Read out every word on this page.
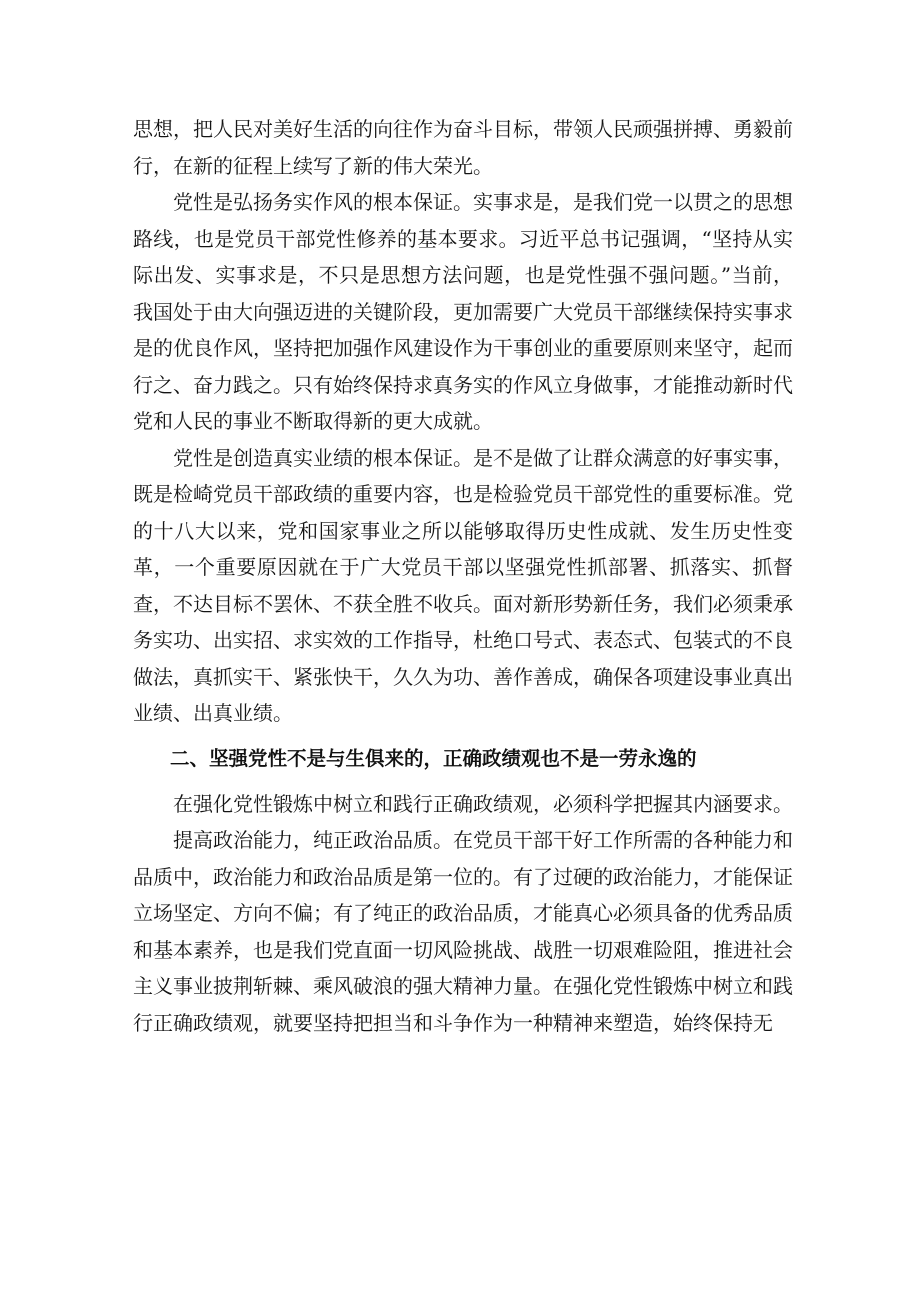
思想，把人民对美好生活的向往作为奋斗目标，带领人民顽强拼搏、勇毅前行，在新的征程上续写了新的伟大荣光。

党性是弘扬务实作风的根本保证。实事求是，是我们党一以贯之的思想路线，也是党员干部党性修养的基本要求。习近平总书记强调，“坚持从实际出发、实事求是，不只是思想方法问题，也是党性强不强问题。”当前，我国处于由大向强迈进的关键阶段，更加需要广大党员干部继续保持实事求是的优良作风，坚持把加强作风建设作为干事创业的重要原则来坚守，起而行之、奋力践之。只有始终保持求真务实的作风立身做事，才能推动新时代党和人民的事业不断取得新的更大成就。

党性是创造真实业绩的根本保证。是不是做了让群众满意的好事实事，既是检崎党员干部政绩的重要内容，也是检验党员干部党性的重要标准。党的十八大以来，党和国家事业之所以能够取得历史性成就、发生历史性变革，一个重要原因就在于广大党员干部以坚强党性抓部署、抓落实、抓督查，不达目标不罢休、不获全胜不收兵。面对新形势新任务，我们必须秉承务实功、出实招、求实效的工作指导，杜绝口号式、表态式、包装式的不良做法，真抓实干、紧张快干，久久为功、善作善成，确保各项建设事业真出业绩、出真业绩。

二、坚强党性不是与生俱来的，正确政绩观也不是一劳永逸的

在强化党性锻炼中树立和践行正确政绩观，必须科学把握其内涵要求。

提高政治能力，纯正政治品质。在党员干部干好工作所需的各种能力和品质中，政治能力和政治品质是第一位的。有了过硬的政治能力，才能保证立场坚定、方向不偏；有了纯正的政治品质，才能真心必须具备的优秀品质和基本素养，也是我们党直面一切风险挑战、战胜一切艰难险阻，推进社会主义事业披荆斩棘、乘风破浪的强大精神力量。在强化党性锻炼中树立和践行正确政绩观，就要坚持把担当和斗争作为一种精神来塑造，始终保持无
